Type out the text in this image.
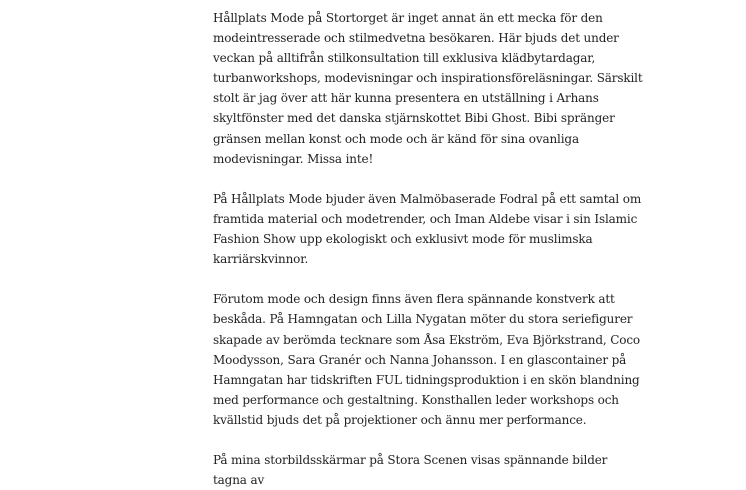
Hållplats Mode på Stortorget är inget annat än ett mecka för den modeintresserade och stilmedvetna besökaren. Här bjuds det under veckan på alltifrån stilkonsultation till exklusiva klädbytardagar, turbanworkshops, modevisningar och inspirationsföreläsningar. Särskilt stolt är jag över att här kunna presentera en utställning i Arhans skyltfönster med det danska stjärnskottet Bibi Ghost. Bibi spränger gränsen mellan konst och mode och är känd för sina ovanliga modevisningar. Missa inte!

På Hållplats Mode bjuder även Malmöbaserade Fodral på ett samtal om framtida material och modetrender, och Iman Aldebe visar i sin Islamic Fashion Show upp ekologiskt och exklusivt mode för muslimska karriärskvinnor.

Förutom mode och design finns även flera spännande konstverk att beskåda. På Hamngatan och Lilla Nygatan möter du stora seriefigurer skapade av berömda tecknare som Åsa Ekström, Eva Björkstrand, Coco Moodysson, Sara Granér och Nanna Johansson. I en glascontainer på Hamngatan har tidskriften FUL tidningsproduktion i en skön blandning med performance och gestaltning. Konsthallen leder workshops och kvällstid bjuds det på projektioner och ännu mer performance.

På mina storbildsskärmar på Stora Scenen visas spännande bilder tagna av
